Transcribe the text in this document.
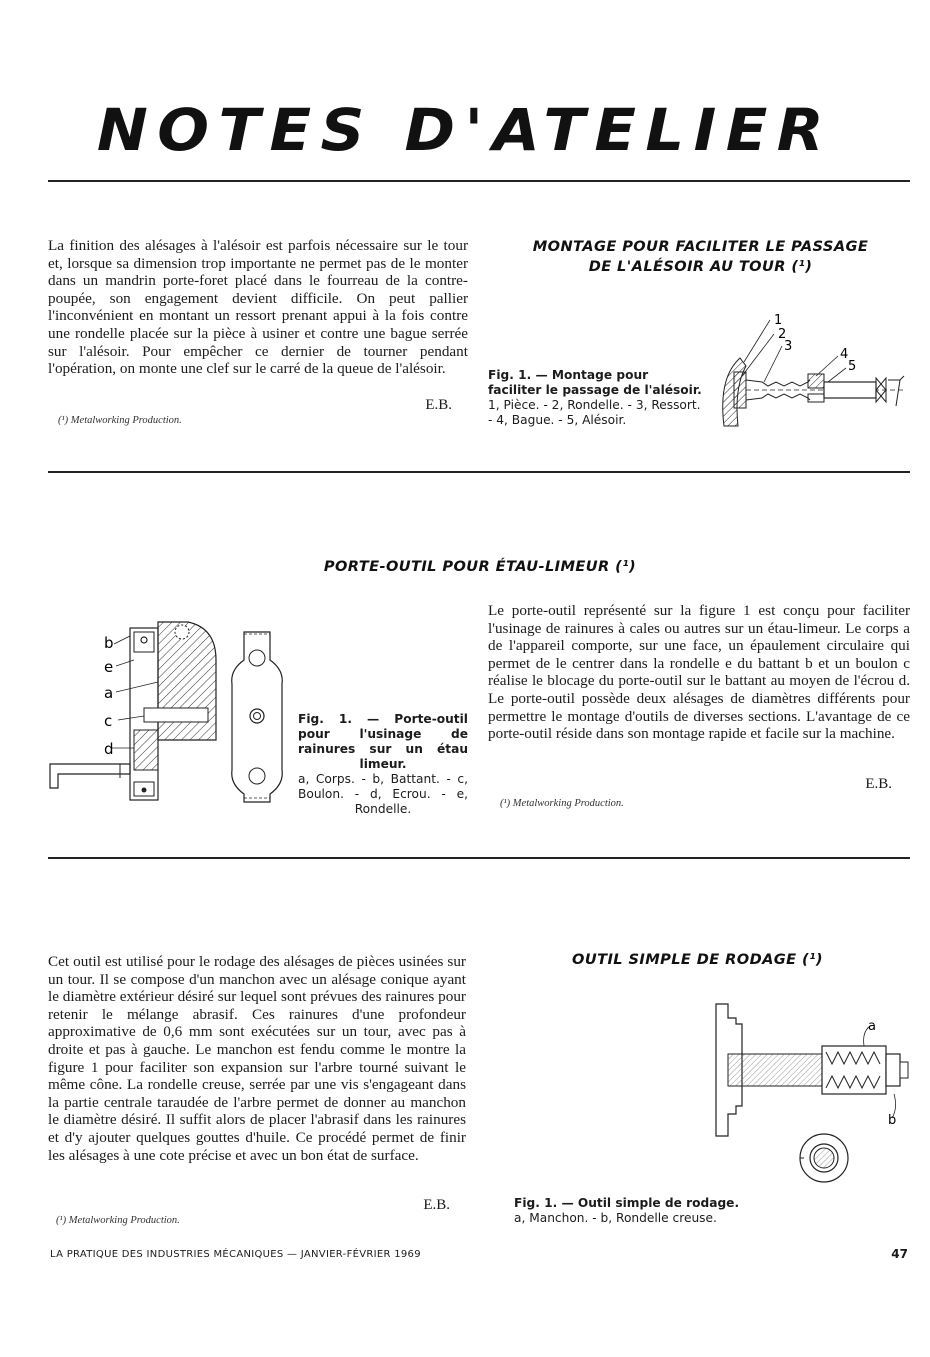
NOTES D'ATELIER
La finition des alésages à l'alésoir est parfois nécessaire sur le tour et, lorsque sa dimension trop importante ne permet pas de le monter dans un mandrin porte-foret placé dans le fourreau de la contre-poupée, son engagement devient difficile. On peut pallier l'inconvénient en montant un ressort prenant appui à la fois contre une rondelle placée sur la pièce à usiner et contre une bague serrée sur l'alésoir. Pour empêcher ce dernier de tourner pendant l'opération, on monte une clef sur le carré de la queue de l'alésoir.
E.B.
(¹) Metalworking Production.
MONTAGE POUR FACILITER LE PASSAGE DE L'ALÉSOIR AU TOUR (¹)
Fig. 1. — Montage pour faciliter le passage de l'alésoir.
1, Pièce. - 2, Rondelle. - 3, Ressort. - 4, Bague. - 5, Alésoir.
1
2
3
4
5
PORTE-OUTIL POUR ÉTAU-LIMEUR (¹)
b
e
a
c
d
Fig. 1. — Porte-outil pour l'usinage de rainures sur un étau limeur.
a, Corps. - b, Battant. - c, Boulon. - d, Ecrou. - e, Rondelle.
Le porte-outil représenté sur la figure 1 est conçu pour faciliter l'usinage de rainures à cales ou autres sur un étau-limeur. Le corps a de l'appareil comporte, sur une face, un épaulement circulaire qui permet de le centrer dans la rondelle e du battant b et un boulon c réalise le blocage du porte-outil sur le battant au moyen de l'écrou d. Le porte-outil possède deux alésages de diamètres différents pour permettre le montage d'outils de diverses sections. L'avantage de ce porte-outil réside dans son montage rapide et facile sur la machine.
E.B.
(¹) Metalworking Production.
Cet outil est utilisé pour le rodage des alésages de pièces usinées sur un tour. Il se compose d'un manchon avec un alésage conique ayant le diamètre extérieur désiré sur lequel sont prévues des rainures pour retenir le mélange abrasif. Ces rainures d'une profondeur approximative de 0,6 mm sont exécutées sur un tour, avec pas à droite et pas à gauche. Le manchon est fendu comme le montre la figure 1 pour faciliter son expansion sur l'arbre tourné suivant le même cône. La rondelle creuse, serrée par une vis s'engageant dans la partie centrale taraudée de l'arbre permet de donner au manchon le diamètre désiré. Il suffit alors de placer l'abrasif dans les rainures et d'y ajouter quelques gouttes d'huile. Ce procédé permet de finir les alésages à une cote précise et avec un bon état de surface.
E.B.
(¹) Metalworking Production.
OUTIL SIMPLE DE RODAGE (¹)
a
b
Fig. 1. — Outil simple de rodage.
a, Manchon. - b, Rondelle creuse.
LA PRATIQUE DES INDUSTRIES MÉCANIQUES — JANVIER-FÉVRIER 1969	47
